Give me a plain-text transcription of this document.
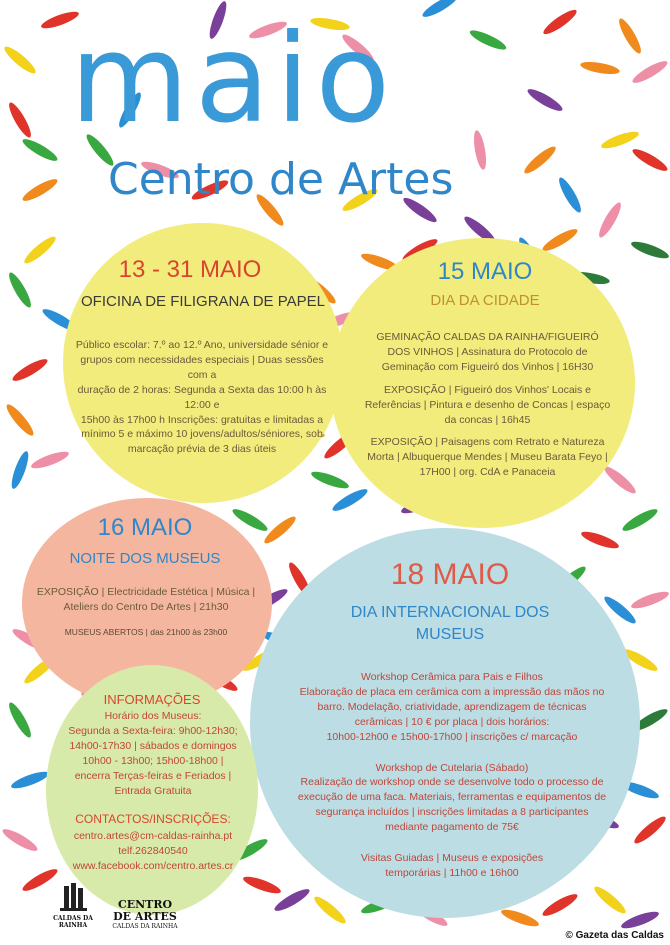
maio
Centro de Artes
13 - 31 MAIO
OFICINA DE FILIGRANA DE PAPEL
Público escolar: 7.º ao 12.º Ano, universidade sénior e
grupos com necessidades especiais | Duas sessões com a
duração de 2 horas: Segunda a Sexta das 10:00 h às 12:00 e
15h00 às 17h00 h Inscrições: gratuitas e limitadas a
mínimo 5 e máximo 10 jovens/adultos/séniores, sob
marcação prévia de 3 dias úteis
15 MAIO
DIA DA CIDADE
GEMINAÇÃO CALDAS DA RAINHA/FIGUEIRÓ
DOS VINHOS | Assinatura do Protocolo de
Geminação com Figueiró dos Vinhos | 16H30
EXPOSIÇÃO | Figueiró dos Vinhos' Locais e
Referências | Pintura e desenho de Concas | espaço
da concas | 16h45
EXPOSIÇÃO | Paisagens com Retrato e Natureza
Morta | Albuquerque Mendes | Museu Barata Feyo |
17H00 | org. CdA e Panaceia
16 MAIO
NOITE DOS MUSEUS
EXPOSIÇÃO | Electricidade Estética | Música |
Ateliers do Centro De Artes | 21h30
MUSEUS ABERTOS | das 21h00 às 23h00
18 MAIO
DIA INTERNACIONAL DOS
MUSEUS
Workshop Cerâmica para Pais e Filhos
Elaboração de placa em cerâmica com a impressão das mãos no
barro. Modelação, criatividade, aprendizagem de técnicas
cerâmicas | 10 € por placa | dois horários:
10h00-12h00 e 15h00-17h00 | inscrições c/ marcação
Workshop de Cutelaria (Sábado)
Realização de workshop onde se desenvolve todo o processo de
execução de uma faca. Materiais, ferramentas e equipamentos de
segurança incluídos | inscrições limitadas a 8 participantes
mediante pagamento de 75€
Visitas Guiadas | Museus e exposições
temporárias | 11h00 e 16h00
INFORMAÇÕES
Horário dos Museus:
Segunda a Sexta-feira: 9h00-12h30;
14h00-17h30 | sábados e domingos
10h00 - 13h00; 15h00-18h00 |
encerra Terças-feiras e Feriados |
Entrada Gratuita
CONTACTOS/INSCRIÇÕES:
centro.artes@cm-caldas-rainha.pt
telf.262840540
www.facebook.com/centro.artes.cr
CALDAS DA RAINHA
CENTRO
DE ARTES
CALDAS DA RAINHA
© Gazeta das Caldas
